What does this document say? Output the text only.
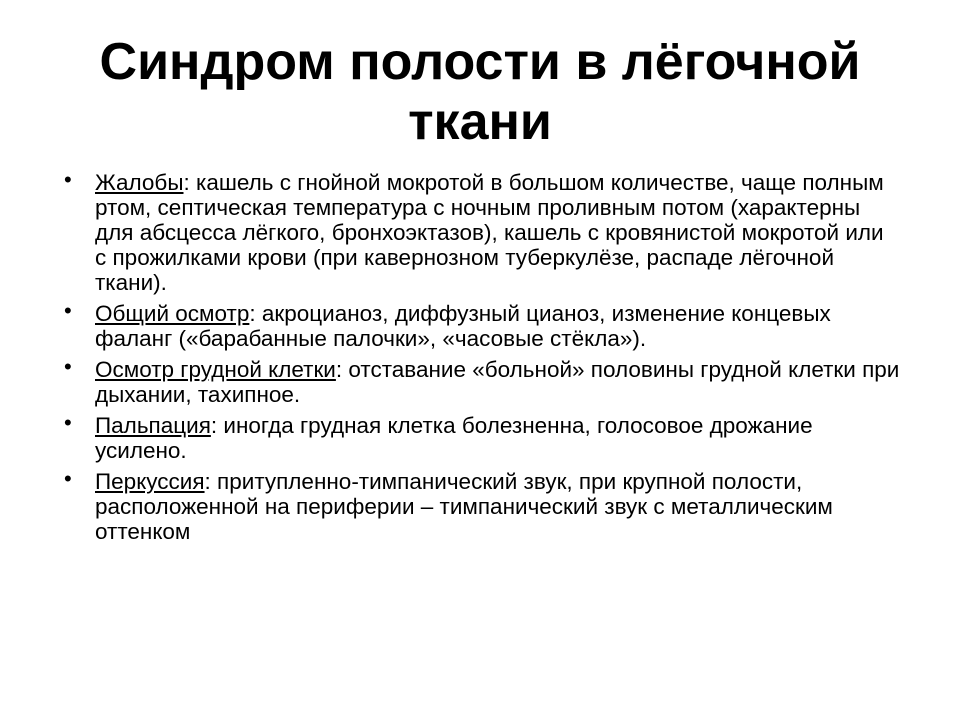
Синдром полости в лёгочной ткани
• Жалобы: кашель с гнойной мокротой в большом количестве, чаще полным ртом, септическая температура с ночным проливным потом (характерны для абсцесса лёгкого, бронхоэктазов), кашель с кровянистой мокротой или с прожилками крови (при кавернозном туберкулёзе, распаде лёгочной ткани).
• Общий осмотр: акроцианоз, диффузный цианоз, изменение концевых фаланг («барабанные палочки», «часовые стёкла»).
• Осмотр грудной клетки: отставание «больной» половины грудной клетки при дыхании, тахипное.
• Пальпация: иногда грудная клетка болезненна, голосовое дрожание усилено.
• Перкуссия: притупленно-тимпанический звук, при крупной полости, расположенной на периферии – тимпанический звук с металлическим оттенком
